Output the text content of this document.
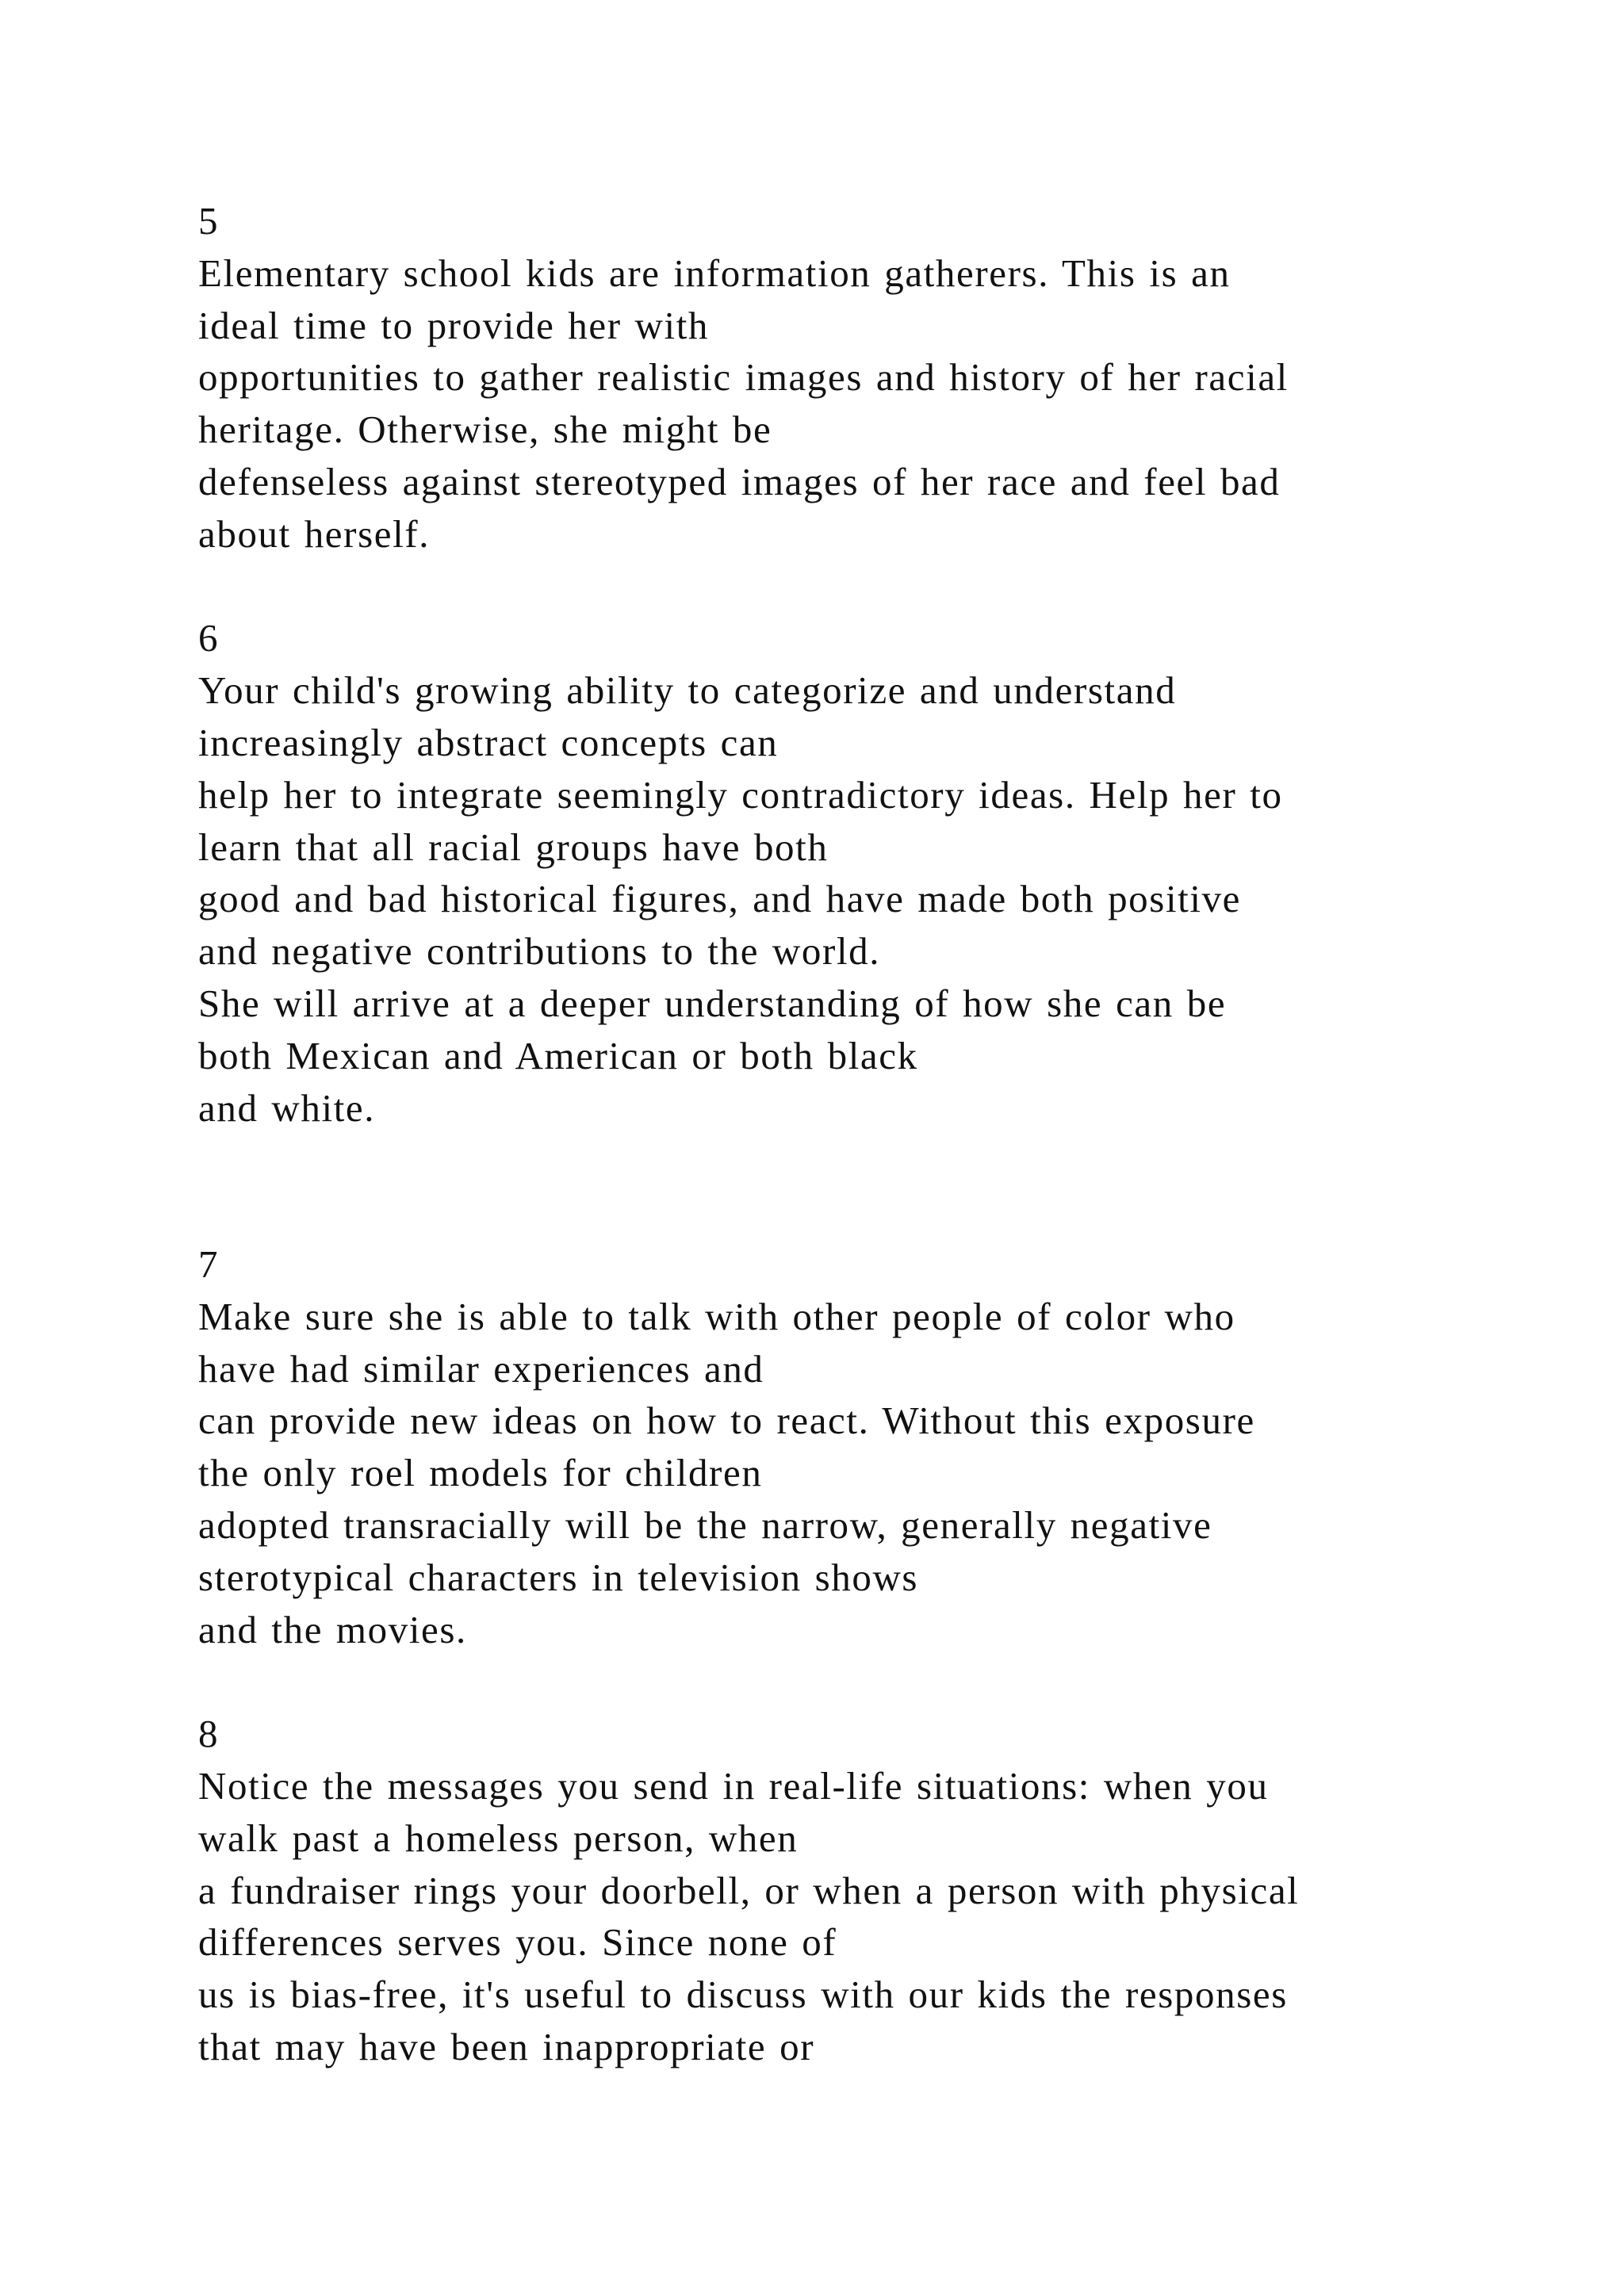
5
Elementary school kids are information gatherers. This is an
ideal time to provide her with
opportunities to gather realistic images and history of her racial
heritage. Otherwise, she might be
defenseless against stereotyped images of her race and feel bad
about herself.
6
Your child's growing ability to categorize and understand
increasingly abstract concepts can
help her to integrate seemingly contradictory ideas. Help her to
learn that all racial groups have both
good and bad historical figures, and have made both positive
and negative contributions to the world.
She will arrive at a deeper understanding of how she can be
both Mexican and American or both black
and white.
7
Make sure she is able to talk with other people of color who
have had similar experiences and
can provide new ideas on how to react. Without this exposure
the only roel models for children
adopted transracially will be the narrow, generally negative
sterotypical characters in television shows
and the movies.
8
Notice the messages you send in real-life situations: when you
walk past a homeless person, when
a fundraiser rings your doorbell, or when a person with physical
differences serves you. Since none of
us is bias-free, it's useful to discuss with our kids the responses
that may have been inappropriate or
